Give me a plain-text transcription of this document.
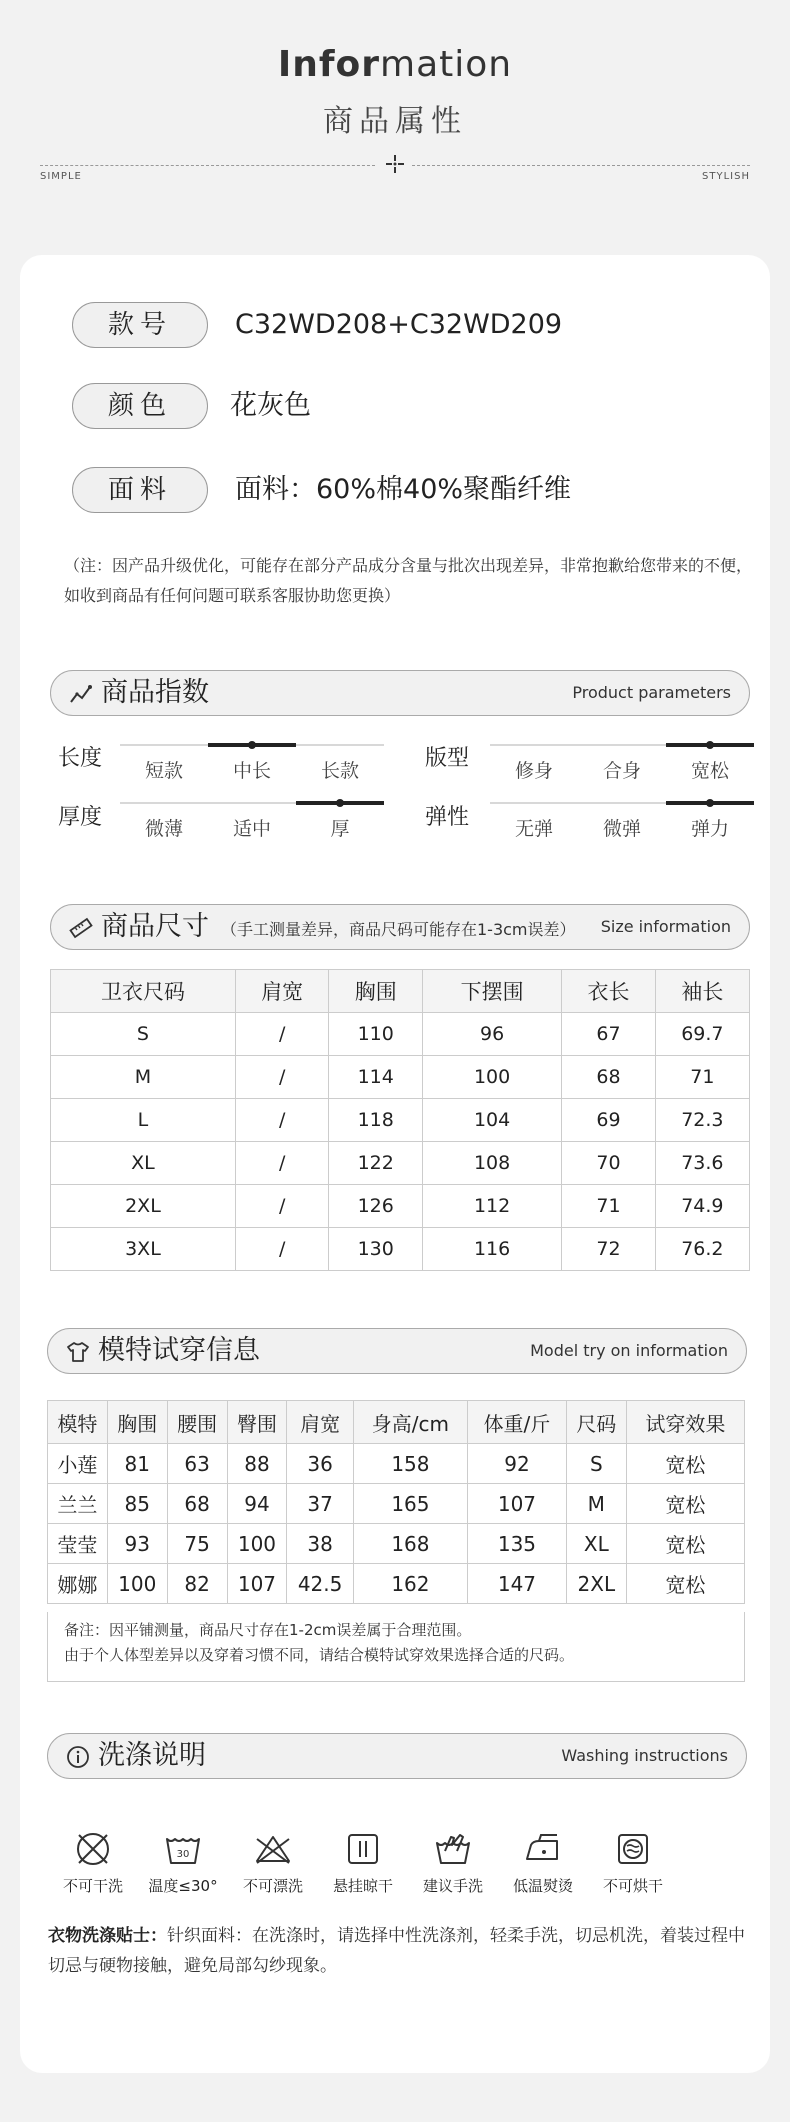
Information
商品属性
SIMPLE	STYLISH
款号	C32WD208+C32WD209
颜色	花灰色
面料	面料：60%棉40%聚酯纤维
（注：因产品升级优化，可能存在部分产品成分含量与批次出现差异，非常抱歉给您带来的不便，
如收到商品有任何问题可联系客服协助您更换）
商品指数	Product parameters
长度	短款	中长	长款	版型	修身	合身	宽松
厚度	微薄	适中	厚	弹性	无弹	微弹	弹力
商品尺寸 （手工测量差异，商品尺码可能存在1-3cm误差） Size information
卫衣尺码	肩宽	胸围	下摆围	衣长	袖长
S	/	110	96	67	69.7
M	/	114	100	68	71
L	/	118	104	69	72.3
XL	/	122	108	70	73.6
2XL	/	126	112	71	74.9
3XL	/	130	116	72	76.2
模特试穿信息	Model try on information
模特	胸围	腰围	臀围	肩宽	身高/cm	体重/斤	尺码	试穿效果
小莲	81	63	88	36	158	92	S	宽松
兰兰	85	68	94	37	165	107	M	宽松
莹莹	93	75	100	38	168	135	XL	宽松
娜娜	100	82	107	42.5	162	147	2XL	宽松
备注：因平铺测量，商品尺寸存在1-2cm误差属于合理范围。
由于个人体型差异以及穿着习惯不同，请结合模特试穿效果选择合适的尺码。
洗涤说明	Washing instructions
不可干洗
30
温度≤30°	不可漂洗	悬挂晾干	建议手洗	低温熨烫	不可烘干
衣物洗涤贴士：针织面料：在洗涤时，请选择中性洗涤剂，轻柔手洗，切忌机洗，着装过程中切忌与硬物接触，避免局部勾纱现象。
